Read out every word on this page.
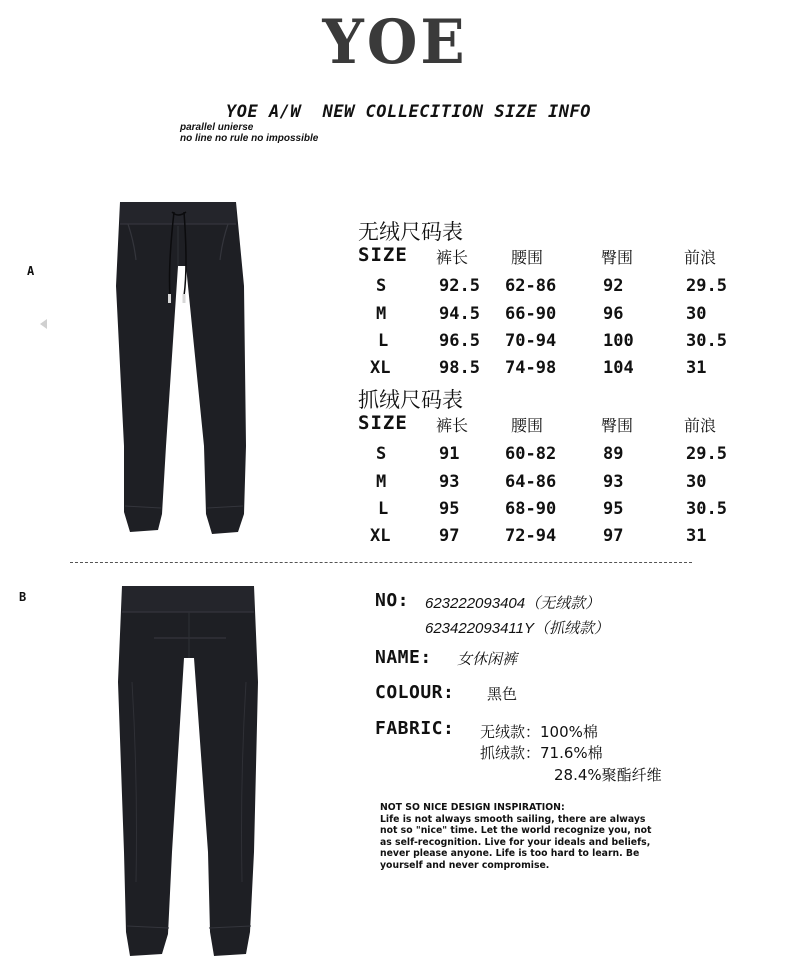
YOE
YOE A/W  NEW COLLECITION SIZE INFO
parallel unierse
no line no rule no impossible
A
B
无绒尺码表
SIZE 裤长	腰围	臀围	前浪
S	92.5 62-86	92	29.5
M	94.5 66-90	96	30
L	96.5 70-94	100	30.5
XL	98.5 74-98	104	31
抓绒尺码表
SIZE 裤长	腰围	臀围	前浪
S	91	60-82	89	29.5
M	93	64-86	93	30
L	95	68-90	95	30.5
XL	97	72-94	97	31
NO: 623222093404（无绒款）
623422093411Y（抓绒款）
NAME: 女休闲裤
COLOUR: 黑色
FABRIC: 无绒款：100%棉
抓绒款：71.6%棉
28.4%聚酯纤维
NOT SO NICE DESIGN INSPIRATION:
Life is not always smooth sailing, there are always
not so "nice" time. Let the world recognize you, not
as self-recognition. Live for your ideals and beliefs,
never please anyone. Life is too hard to learn. Be
yourself and never compromise.
